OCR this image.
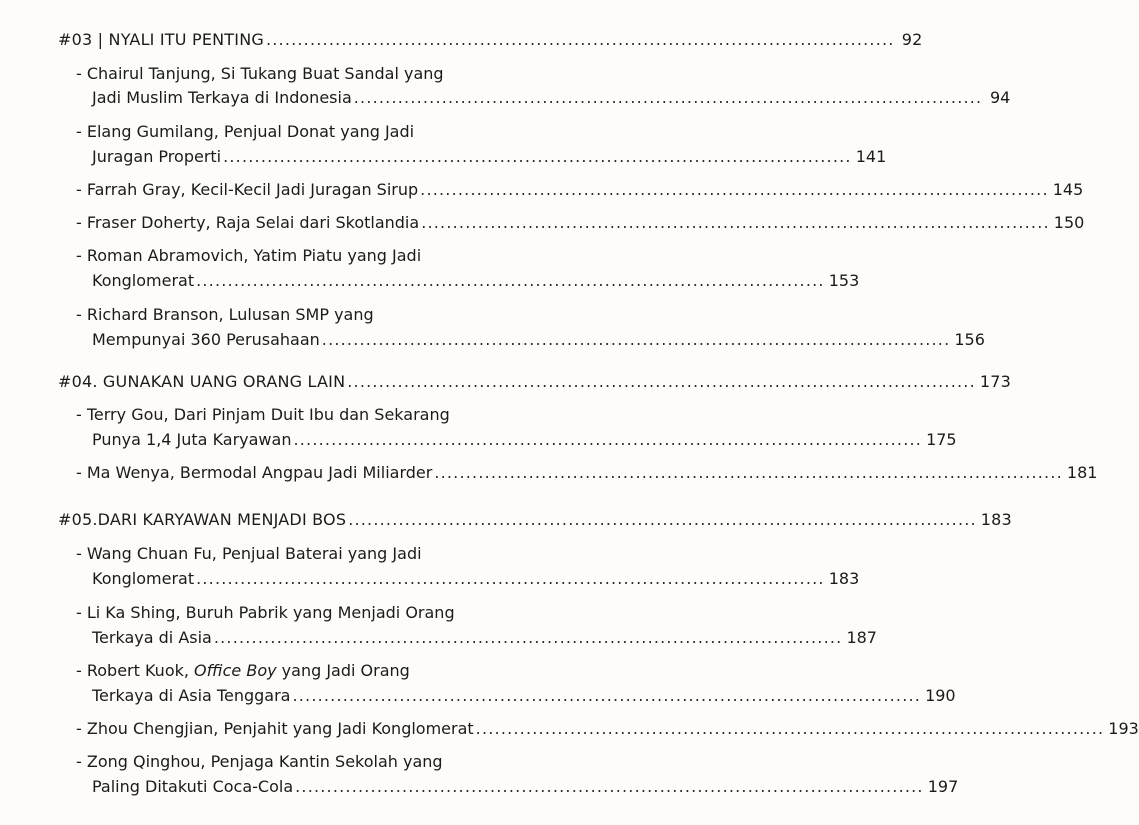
#03 | NYALI ITU PENTING .................................................................................................... 92
- Chairul Tanjung, Si Tukang Buat Sandal yang
Jadi Muslim Terkaya di Indonesia .................................................................................................... 94
- Elang Gumilang, Penjual Donat yang Jadi
Juragan Properti .................................................................................................... 141
- Farrah Gray, Kecil-Kecil Jadi Juragan Sirup .................................................................................................... 145
- Fraser Doherty, Raja Selai dari Skotlandia .................................................................................................... 150
- Roman Abramovich, Yatim Piatu yang Jadi
Konglomerat .................................................................................................... 153
- Richard Branson, Lulusan SMP yang
Mempunyai 360 Perusahaan .................................................................................................... 156
#04. GUNAKAN UANG ORANG LAIN .................................................................................................... 173
- Terry Gou, Dari Pinjam Duit Ibu dan Sekarang
Punya 1,4 Juta Karyawan .................................................................................................... 175
- Ma Wenya, Bermodal Angpau Jadi Miliarder .................................................................................................... 181
#05.DARI KARYAWAN MENJADI BOS .................................................................................................... 183
- Wang Chuan Fu, Penjual Baterai yang Jadi
Konglomerat .................................................................................................... 183
- Li Ka Shing, Buruh Pabrik yang Menjadi Orang
Terkaya di Asia .................................................................................................... 187
- Robert Kuok, Office Boy yang Jadi Orang
Terkaya di Asia Tenggara .................................................................................................... 190
- Zhou Chengjian, Penjahit yang Jadi Konglomerat .................................................................................................... 193
- Zong Qinghou, Penjaga Kantin Sekolah yang
Paling Ditakuti Coca-Cola .................................................................................................... 197
